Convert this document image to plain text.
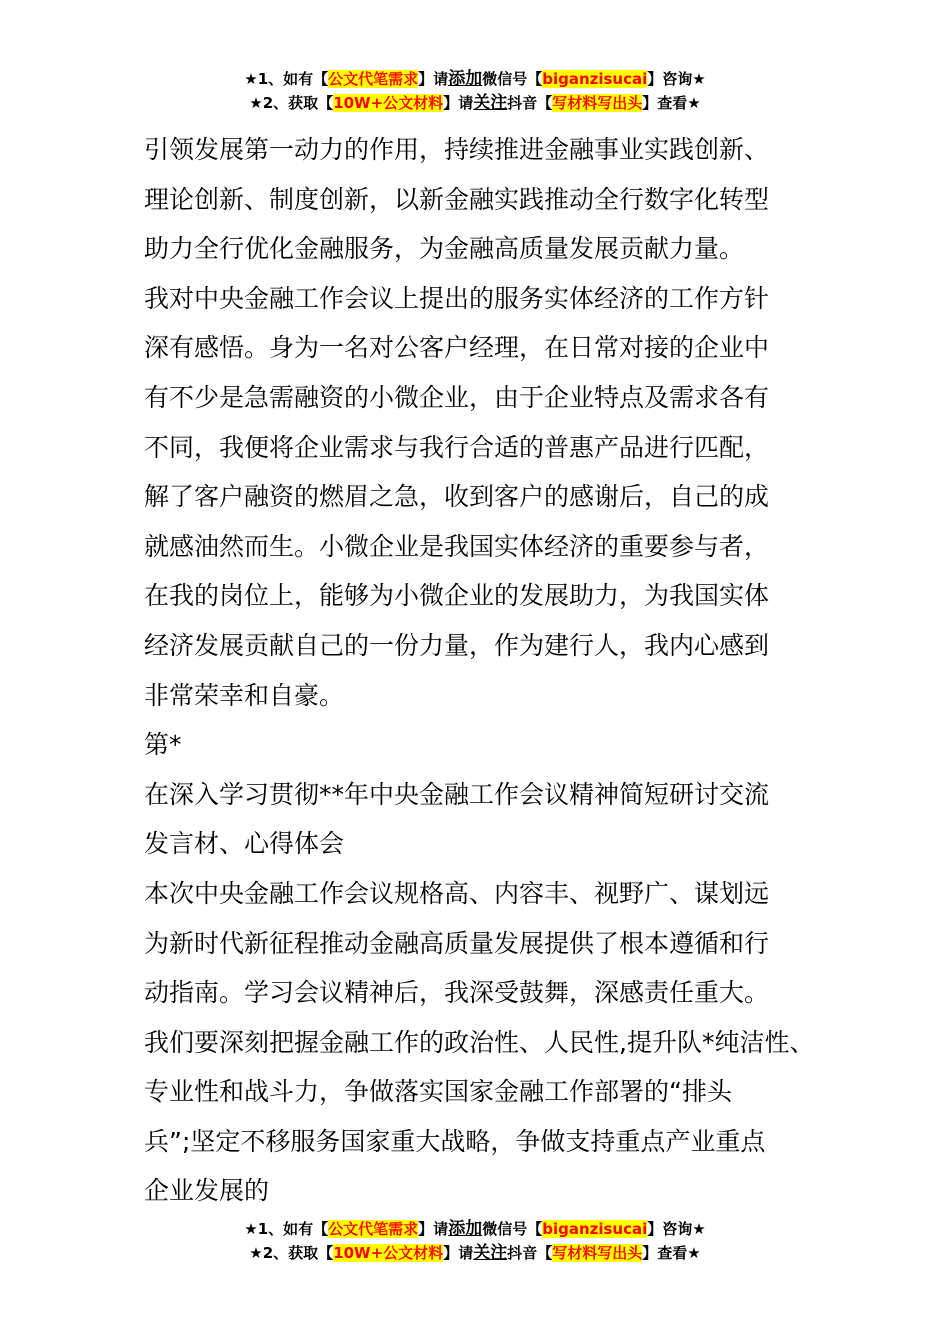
★1、如有【公文代笔需求】请添加微信号【biganzisucai】咨询★
★2、获取【10W+公文材料】请关注抖音【写材料写出头】查看★
引领发展第一动力的作用，持续推进金融事业实践创新、
理论创新、制度创新，以新金融实践推动全行数字化转型
助力全行优化金融服务，为金融高质量发展贡献力量。
我对中央金融工作会议上提出的服务实体经济的工作方针
深有感悟。身为一名对公客户经理，在日常对接的企业中
有不少是急需融资的小微企业，由于企业特点及需求各有
不同，我便将企业需求与我行合适的普惠产品进行匹配，
解了客户融资的燃眉之急，收到客户的感谢后，自己的成
就感油然而生。小微企业是我国实体经济的重要参与者，
在我的岗位上，能够为小微企业的发展助力，为我国实体
经济发展贡献自己的一份力量，作为建行人，我内心感到
非常荣幸和自豪。
第*
在深入学习贯彻**年中央金融工作会议精神简短研讨交流
发言材、心得体会
本次中央金融工作会议规格高、内容丰、视野广、谋划远
为新时代新征程推动金融高质量发展提供了根本遵循和行
动指南。学习会议精神后，我深受鼓舞，深感责任重大。
我们要深刻把握金融工作的政治性、人民性,提升队*纯洁性、
专业性和战斗力，争做落实国家金融工作部署的“排头
兵”;坚定不移服务国家重大战略，争做支持重点产业重点
企业发展的
★1、如有【公文代笔需求】请添加微信号【biganzisucai】咨询★
★2、获取【10W+公文材料】请关注抖音【写材料写出头】查看★
